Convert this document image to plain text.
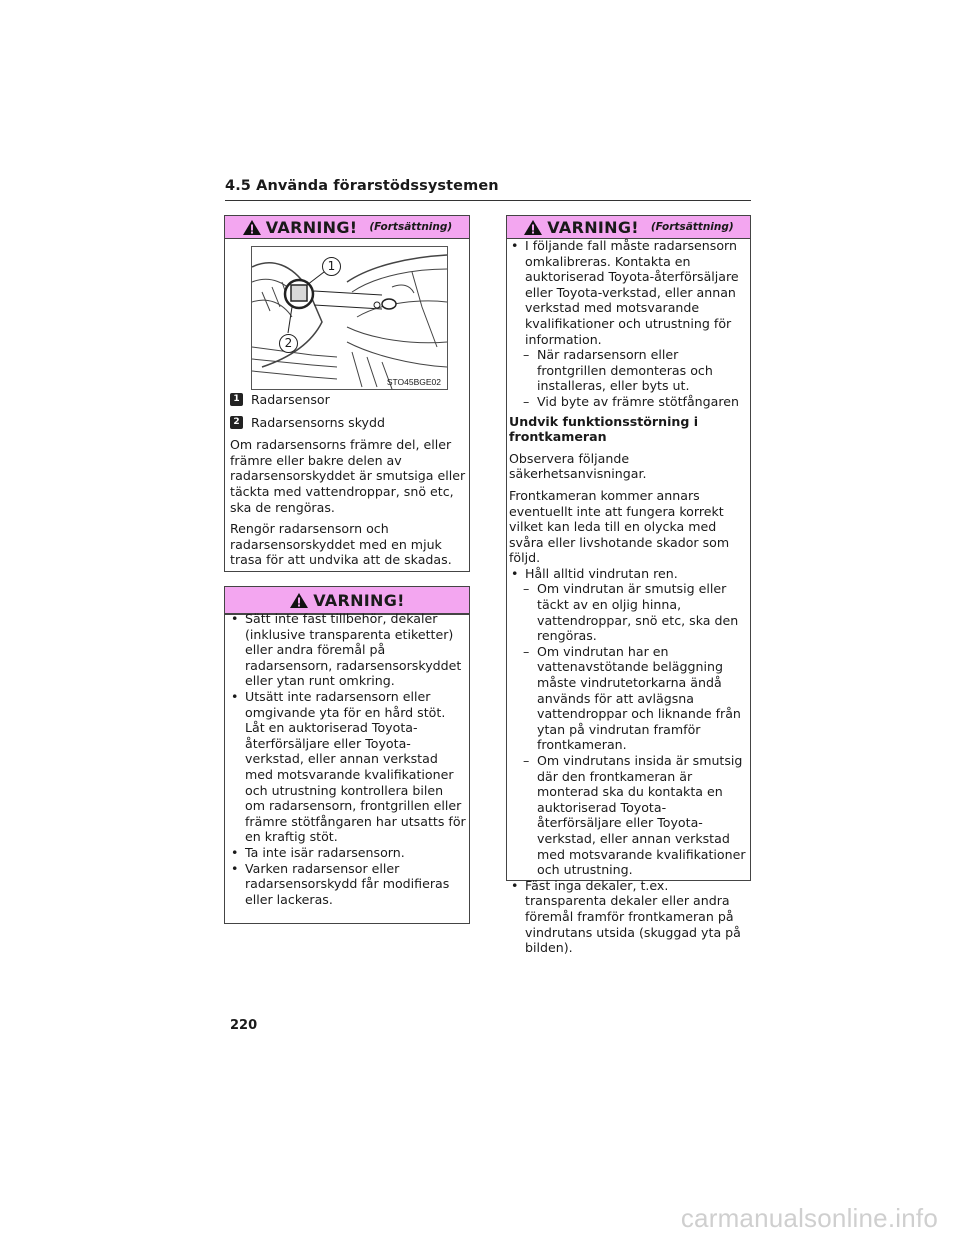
4.5 Använda förarstödssystemen
VARNING! (Fortsättning)
1
2
STO45BGE02
1 Radarsensor
2 Radarsensorns skydd

Om radarsensorns främre del, eller främre eller bakre delen av radarsensorskyddet är smutsiga eller täckta med vattendroppar, snö etc, ska de rengöras.

Rengör radarsensorn och radarsensorskyddet med en mjuk trasa för att undvika att de skadas.

VARNING!
• Sätt inte fast tillbehör, dekaler (inklusive transparenta etiketter) eller andra föremål på radarsensorn, radarsensorskyddet eller ytan runt omkring.
• Utsätt inte radarsensorn eller omgivande yta för en hård stöt. Låt en auktoriserad Toyota-återförsäljare eller Toyota-verkstad, eller annan verkstad med motsvarande kvalifikationer och utrustning kontrollera bilen om radarsensorn, frontgrillen eller främre stötfångaren har utsatts för en kraftig stöt.
• Ta inte isär radarsensorn.
• Varken radarsensor eller radarsensorskydd får modifieras eller lackeras.
VARNING! (Fortsättning)
• I följande fall måste radarsensorn omkalibreras. Kontakta en auktoriserad Toyota-återförsäljare eller Toyota-verkstad, eller annan verkstad med motsvarande kvalifikationer och utrustning för information.
– När radarsensorn eller frontgrillen demonteras och installeras, eller byts ut.
– Vid byte av främre stötfångaren

Undvik funktionsstörning i frontkameran

Observera följande säkerhetsanvisningar.

Frontkameran kommer annars eventuellt inte att fungera korrekt vilket kan leda till en olycka med svåra eller livshotande skador som följd.

• Håll alltid vindrutan ren.
– Om vindrutan är smutsig eller täckt av en oljig hinna, vattendroppar, snö etc, ska den rengöras.
– Om vindrutan har en vattenavstötande beläggning måste vindrutetorkarna ändå används för att avlägsna vattendroppar och liknande från ytan på vindrutan framför frontkameran.
– Om vindrutans insida är smutsig där den frontkameran är monterad ska du kontakta en auktoriserad Toyota-återförsäljare eller Toyota-verkstad, eller annan verkstad med motsvarande kvalifikationer och utrustning.
• Fäst inga dekaler, t.ex. transparenta dekaler eller andra föremål framför frontkameran på vindrutans utsida (skuggad yta på bilden).
220
carmanualsonline.info
